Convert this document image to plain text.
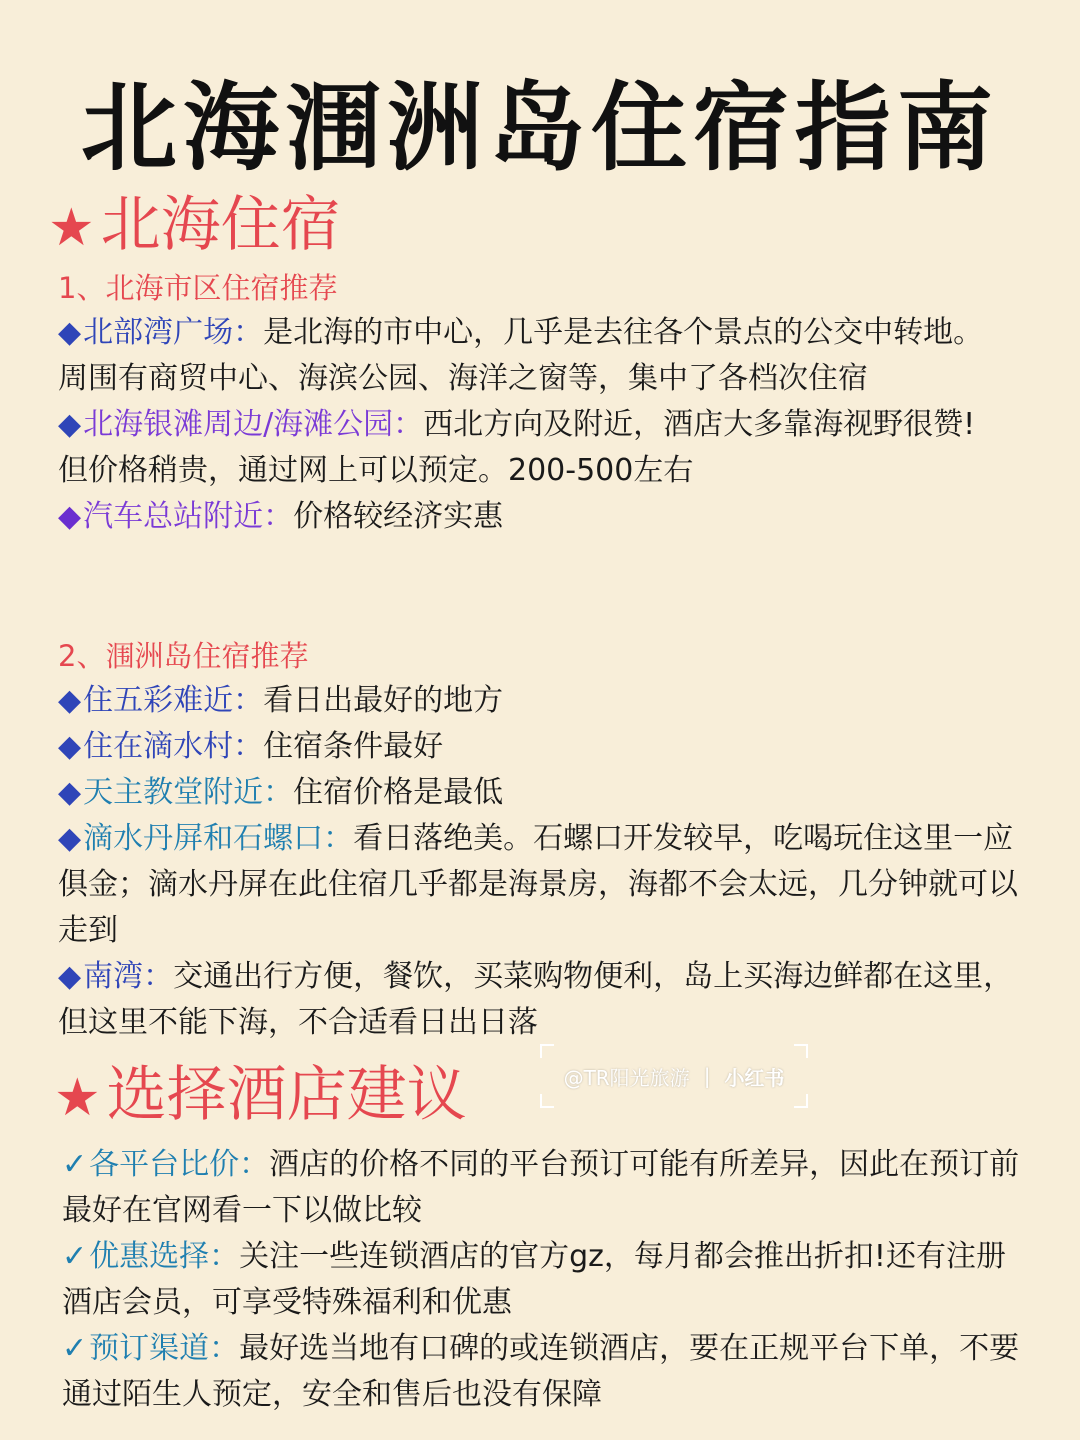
北海涠洲岛住宿指南
★ 北海住宿
1、北海市区住宿推荐

◆北部湾广场：是北海的市中心，几乎是去往各个景点的公交中转地。周围有商贸中心、海滨公园、海洋之窗等，集中了各档次住宿

◆北海银滩周边/海滩公园：西北方向及附近，酒店大多靠海视野很赞!但价格稍贵，通过网上可以预定。200-500左右

◆汽车总站附近：价格较经济实惠

2、涠洲岛住宿推荐

◆住五彩难近：看日出最好的地方

◆住在滴水村：住宿条件最好

◆天主教堂附近：住宿价格是最低

◆滴水丹屏和石螺口：看日落绝美。石螺口开发较早，吃喝玩住这里一应俱金；滴水丹屏在此住宿几乎都是海景房，海都不会太远，几分钟就可以走到

◆南湾：交通出行方便，餐饮，买菜购物便利，岛上买海边鲜都在这里，但这里不能下海，不合适看日出日落

★ 选择酒店建议	@TR阳光旅游 | 小红书

✓各平台比价：酒店的价格不同的平台预订可能有所差异，因此在预订前最好在官网看一下以做比较

✓优惠选择：关注一些连锁酒店的官方gz，每月都会推出折扣!还有注册酒店会员，可享受特殊福利和优惠

✓预订渠道：最好选当地有口碑的或连锁酒店，要在正规平台下单，不要通过陌生人预定，安全和售后也没有保障
